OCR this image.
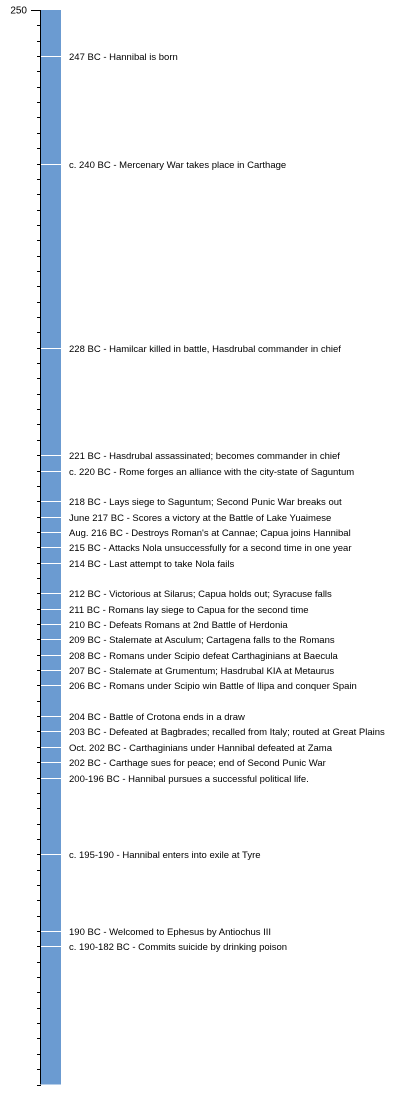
247 BC - Hannibal is born
c. 240 BC - Mercenary War takes place in Carthage
228 BC - Hamilcar killed in battle, Hasdrubal commander in chief
221 BC - Hasdrubal assassinated; becomes commander in chief
c. 220 BC - Rome forges an alliance with the city-state of Saguntum
218 BC - Lays siege to Saguntum; Second Punic War breaks out
June 217 BC - Scores a victory at the Battle of Lake Yuaimese
Aug. 216 BC - Destroys Roman's at Cannae; Capua joins Hannibal
215 BC - Attacks Nola unsuccessfully for a second time in one year
214 BC - Last attempt to take Nola fails
212 BC - Victorious at Silarus; Capua holds out; Syracuse falls
211 BC - Romans lay siege to Capua for the second time
210 BC - Defeats Romans at 2nd Battle of Herdonia
209 BC - Stalemate at Asculum; Cartagena falls to the Romans
208 BC - Romans under Scipio defeat Carthaginians at Baecula
207 BC - Stalemate at Grumentum; Hasdrubal KIA at Metaurus
206 BC - Romans under Scipio win Battle of Ilipa and conquer Spain
204 BC - Battle of Crotona ends in a draw
203 BC - Defeated at Bagbrades; recalled from Italy; routed at Great Plains
Oct. 202 BC - Carthaginians under Hannibal defeated at Zama
202 BC - Carthage sues for peace; end of Second Punic War
200-196 BC - Hannibal pursues a successful political life.
c. 195-190 - Hannibal enters into exile at Tyre
190 BC - Welcomed to Ephesus by Antiochus III
c. 190-182 BC - Commits suicide by drinking poison
250
